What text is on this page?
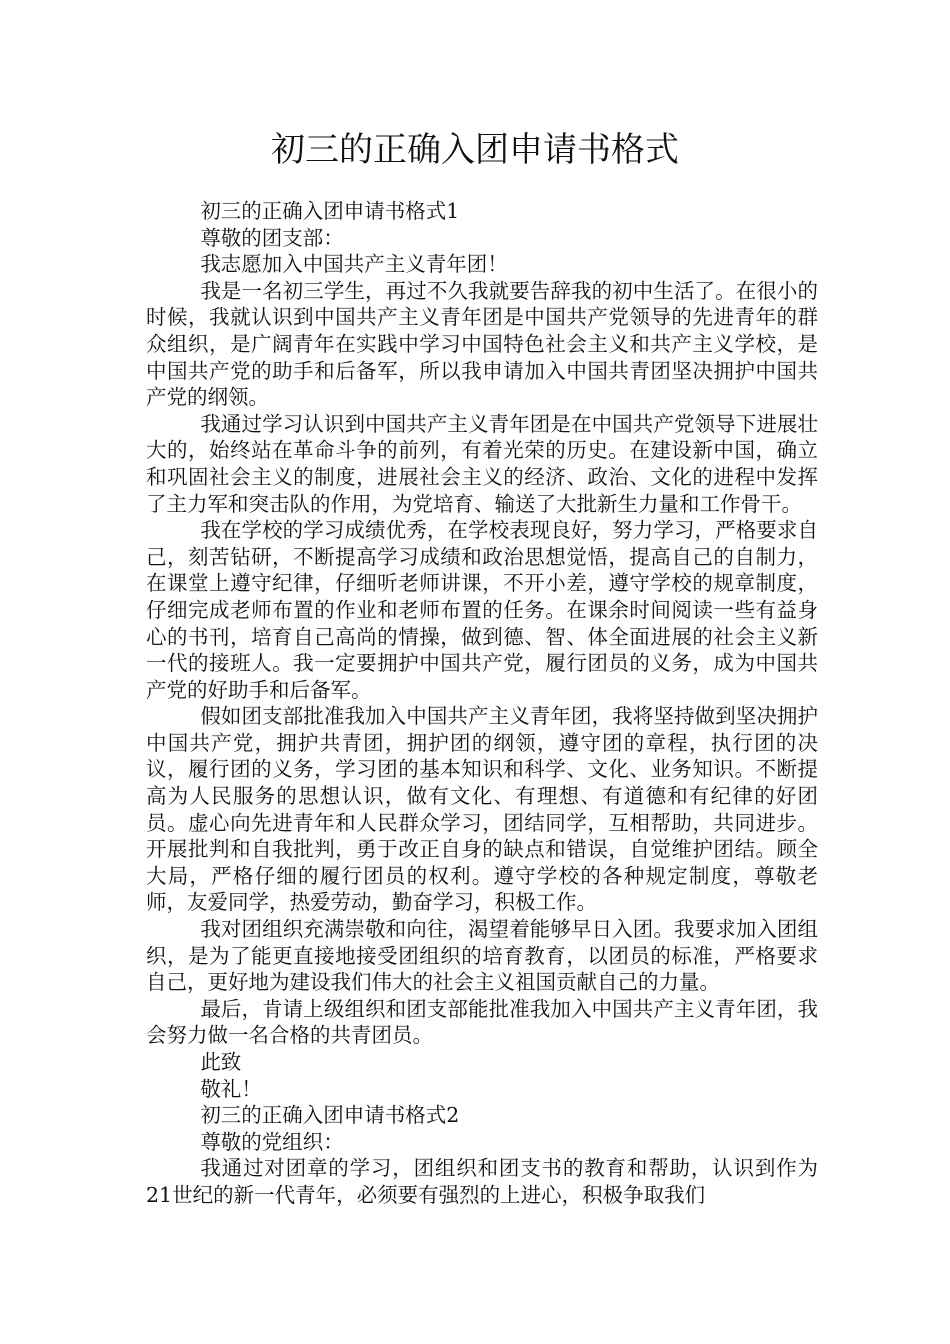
初三的正确入团申请书格式

初三的正确入团申请书格式1

尊敬的团支部：

我志愿加入中国共产主义青年团！

我是一名初三学生，再过不久我就要告辞我的初中生活了。在很小的时候，我就认识到中国共产主义青年团是中国共产党领导的先进青年的群众组织，是广阔青年在实践中学习中国特色社会主义和共产主义学校，是中国共产党的助手和后备军，所以我申请加入中国共青团坚决拥护中国共产党的纲领。

我通过学习认识到中国共产主义青年团是在中国共产党领导下进展壮大的，始终站在革命斗争的前列，有着光荣的历史。在建设新中国，确立和巩固社会主义的制度，进展社会主义的经济、政治、文化的进程中发挥了主力军和突击队的作用，为党培育、输送了大批新生力量和工作骨干。

我在学校的学习成绩优秀，在学校表现良好，努力学习，严格要求自己，刻苦钻研，不断提高学习成绩和政治思想觉悟，提高自己的自制力，在课堂上遵守纪律，仔细听老师讲课，不开小差，遵守学校的规章制度，仔细完成老师布置的作业和老师布置的任务。在课余时间阅读一些有益身心的书刊，培育自己高尚的情操，做到德、智、体全面进展的社会主义新一代的接班人。我一定要拥护中国共产党，履行团员的义务，成为中国共产党的好助手和后备军。

假如团支部批准我加入中国共产主义青年团，我将坚持做到坚决拥护中国共产党，拥护共青团，拥护团的纲领，遵守团的章程，执行团的决议，履行团的义务，学习团的基本知识和科学、文化、业务知识。不断提高为人民服务的思想认识，做有文化、有理想、有道德和有纪律的好团员。虚心向先进青年和人民群众学习，团结同学，互相帮助，共同进步。开展批判和自我批判，勇于改正自身的缺点和错误，自觉维护团结。顾全大局，严格仔细的履行团员的权利。遵守学校的各种规定制度，尊敬老师，友爱同学，热爱劳动，勤奋学习，积极工作。

我对团组织充满崇敬和向往，渴望着能够早日入团。我要求加入团组织，是为了能更直接地接受团组织的培育教育，以团员的标准，严格要求自己，更好地为建设我们伟大的社会主义祖国贡献自己的力量。

最后，肯请上级组织和团支部能批准我加入中国共产主义青年团，我会努力做一名合格的共青团员。

此致

敬礼！

初三的正确入团申请书格式2

尊敬的党组织：

我通过对团章的学习，团组织和团支书的教育和帮助，认识到作为21世纪的新一代青年，必须要有强烈的上进心，积极争取我们
